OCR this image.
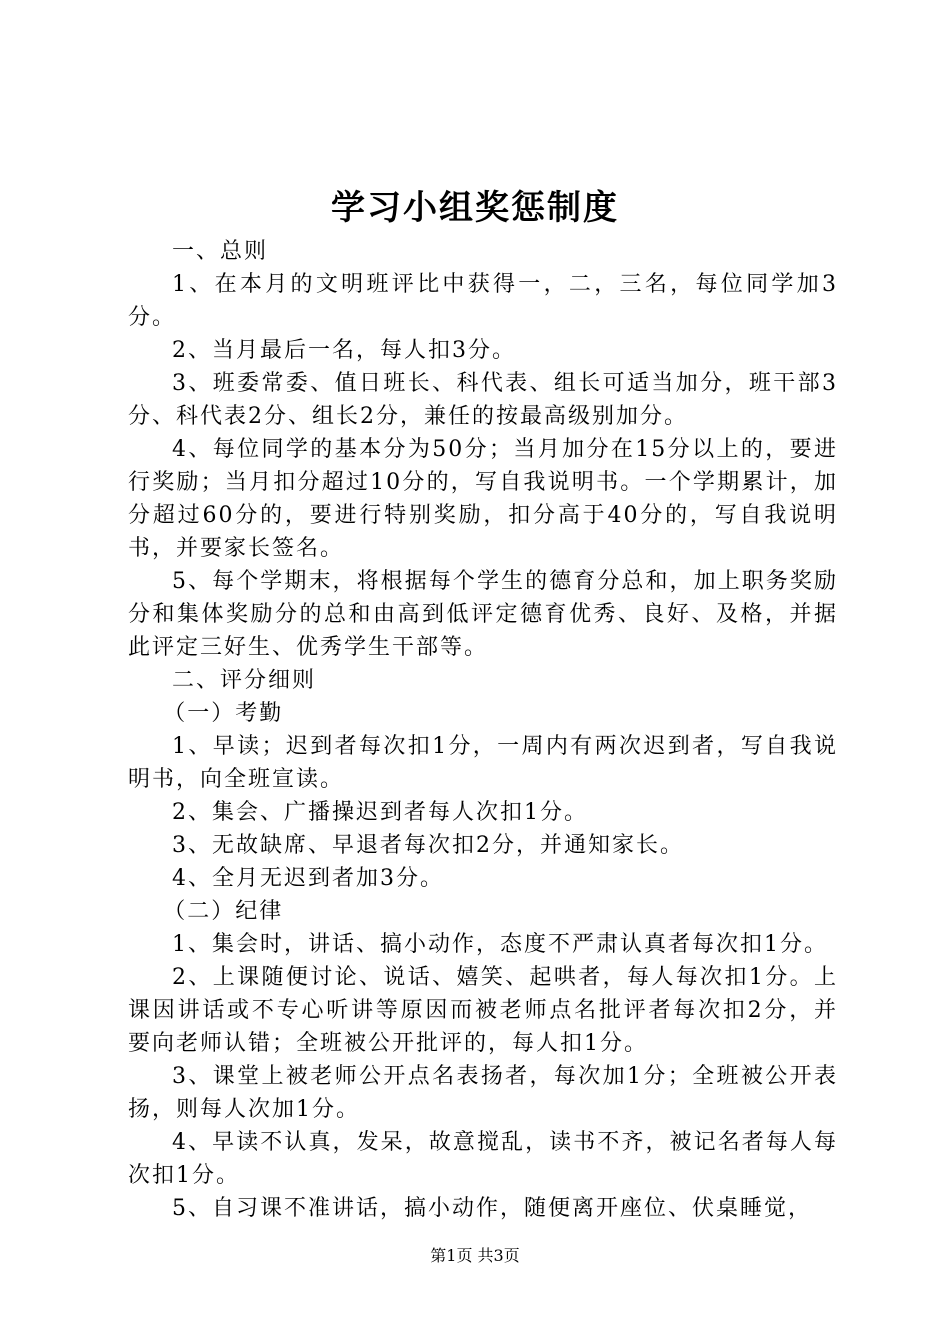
学习小组奖惩制度

一、总则

1、在本月的文明班评比中获得一，二，三名，每位同学加3分。

2、当月最后一名，每人扣3分。

3、班委常委、值日班长、科代表、组长可适当加分，班干部3分、科代表2分、组长2分，兼任的按最高级别加分。

4、每位同学的基本分为50分；当月加分在15分以上的，要进行奖励；当月扣分超过10分的，写自我说明书。一个学期累计，加分超过60分的，要进行特别奖励，扣分高于40分的，写自我说明书，并要家长签名。

5、每个学期末，将根据每个学生的德育分总和，加上职务奖励分和集体奖励分的总和由高到低评定德育优秀、良好、及格，并据此评定三好生、优秀学生干部等。

二、评分细则

（一）考勤

1、早读；迟到者每次扣1分，一周内有两次迟到者，写自我说明书，向全班宣读。

2、集会、广播操迟到者每人次扣1分。

3、无故缺席、早退者每次扣2分，并通知家长。

4、全月无迟到者加3分。

（二）纪律

1、集会时，讲话、搞小动作，态度不严肃认真者每次扣1分。

2、上课随便讨论、说话、嬉笑、起哄者，每人每次扣1分。上课因讲话或不专心听讲等原因而被老师点名批评者每次扣2分，并要向老师认错；全班被公开批评的，每人扣1分。

3、课堂上被老师公开点名表扬者，每次加1分；全班被公开表扬，则每人次加1分。

4、早读不认真，发呆，故意搅乱，读书不齐，被记名者每人每次扣1分。

5、自习课不准讲话，搞小动作，随便离开座位、伏桌睡觉，

第1页 共3页
